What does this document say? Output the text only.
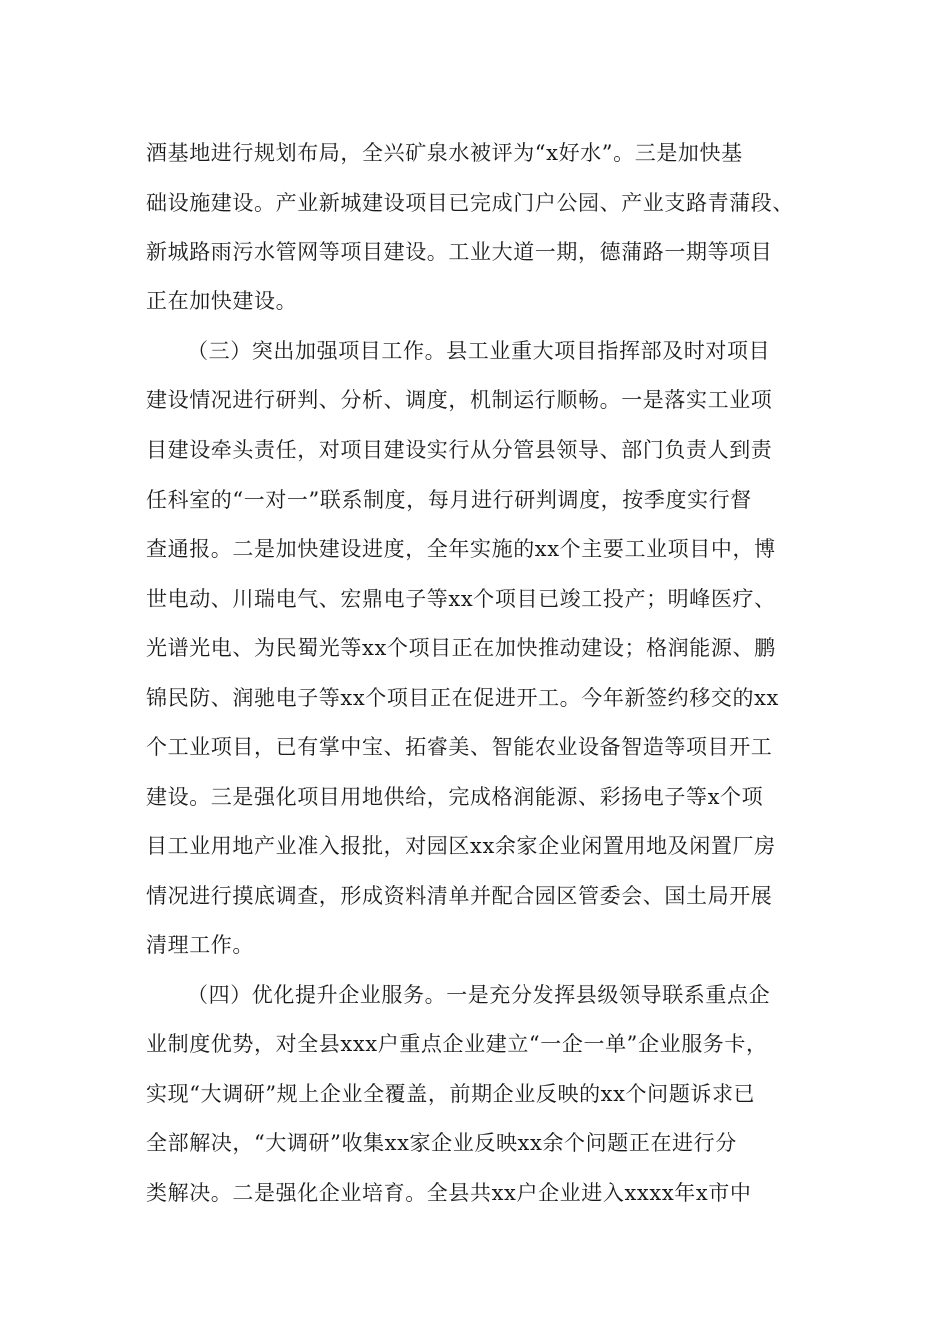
酒基地进行规划布局，全兴矿泉水被评为“x好水”。三是加快基
础设施建设。产业新城建设项目已完成门户公园、产业支路青蒲段、
新城路雨污水管网等项目建设。工业大道一期，德蒲路一期等项目
正在加快建设。
（三）突出加强项目工作。县工业重大项目指挥部及时对项目
建设情况进行研判、分析、调度，机制运行顺畅。一是落实工业项
目建设牵头责任，对项目建设实行从分管县领导、部门负责人到责
任科室的“一对一”联系制度，每月进行研判调度，按季度实行督
查通报。二是加快建设进度，全年实施的xx个主要工业项目中，博
世电动、川瑞电气、宏鼎电子等xx个项目已竣工投产；明峰医疗、
光谱光电、为民蜀光等xx个项目正在加快推动建设；格润能源、鹏
锦民防、润驰电子等xx个项目正在促进开工。今年新签约移交的xx
个工业项目，已有掌中宝、拓睿美、智能农业设备智造等项目开工
建设。三是强化项目用地供给，完成格润能源、彩扬电子等x个项
目工业用地产业准入报批，对园区xx余家企业闲置用地及闲置厂房
情况进行摸底调查，形成资料清单并配合园区管委会、国土局开展
清理工作。
（四）优化提升企业服务。一是充分发挥县级领导联系重点企
业制度优势，对全县xxx户重点企业建立“一企一单”企业服务卡，
实现“大调研”规上企业全覆盖，前期企业反映的xx个问题诉求已
全部解决，“大调研”收集xx家企业反映xx余个问题正在进行分
类解决。二是强化企业培育。全县共xx户企业进入xxxx年x市中
